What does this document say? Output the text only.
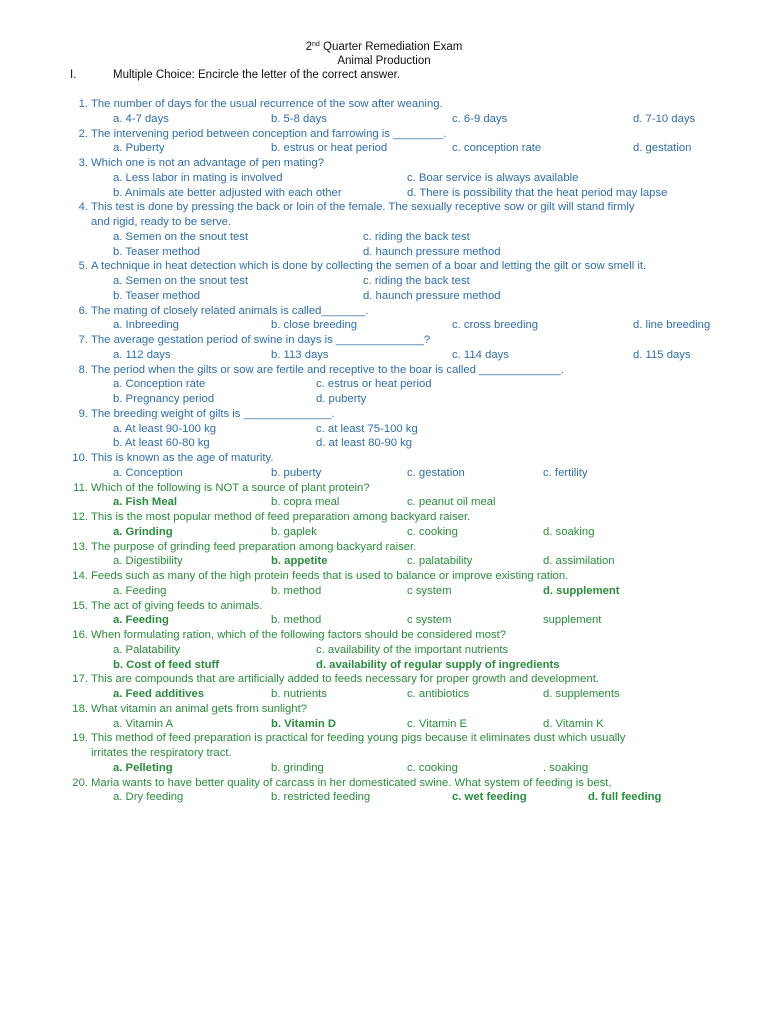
2nd Quarter Remediation Exam
Animal Production
I.	Multiple Choice: Encircle the letter of the correct answer.
1. The number of days for the usual recurrence of the sow after weaning.
a. 4-7 days	b. 5-8 days	c. 6-9 days	d. 7-10 days
2. The intervening period between conception and farrowing is ________.
a. Puberty	b. estrus or heat period	c. conception rate	d. gestation
3. Which one is not an advantage of pen mating?
a. Less labor in mating is involved	c. Boar service is always available
b. Animals ate better adjusted with each other	d. There is possibility that the heat period may lapse
4. This test is done by pressing the back or loin of the female. The sexually receptive sow or gilt will stand firmly
and rigid, ready to be serve.
a. Semen on the snout test	c. riding the back test
b. Teaser method	d. haunch pressure method
5. A technique in heat detection which is done by collecting the semen of a boar and letting the gilt or sow smell it.
a. Semen on the snout test	c. riding the back test
b. Teaser method	d. haunch pressure method
6. The mating of closely related animals is called_______.
a. Inbreeding	b. close breeding	c. cross breeding	d. line breeding
7. The average gestation period of swine in days is ______________?
a. 112 days	b. 113 days	c. 114 days	d. 115 days
8. The period when the gilts or sow are fertile and receptive to the boar is called _____________.
a. Conception rate	c. estrus or heat period
b. Pregnancy period	d. puberty
9. The breeding weight of gilts is ______________.
a. At least 90-100 kg	c. at least 75-100 kg
b. At least 60-80 kg	d. at least 80-90 kg
10. This is known as the age of maturity.
a. Conception	b. puberty	c. gestation	c. fertility
11. Which of the following is NOT a source of plant protein?
a. Fish Meal	b. copra meal	c. peanut oil meal
12. This is the most popular method of feed preparation among backyard raiser.
a. Grinding	b. gaplek	c. cooking	d. soaking
13. The purpose of grinding feed preparation among backyard raiser.
a. Digestibility	b. appetite	c. palatability	d. assimilation
14. Feeds such as many of the high protein feeds that is used to balance or improve existing ration.
a. Feeding	b. method	c system	d. supplement
15. The act of giving feeds to animals.
a. Feeding	b. method	c system	supplement
16. When formulating ration, which of the following factors should be considered most?
a. Palatability	c. availability of the important nutrients
b. Cost of feed stuff	d. availability of regular supply of ingredients
17. This are compounds that are artificially added to feeds necessary for proper growth and development.
a. Feed additives	b. nutrients	c. antibiotics	d. supplements
18. What vitamin an animal gets from sunlight?
a. Vitamin A	b. Vitamin D	c. Vitamin E	d. Vitamin K
19. This method of feed preparation is practical for feeding young pigs because it eliminates dust which usually
irritates the respiratory tract.
a. Pelleting	b. grinding	c. cooking	. soaking
20. Maria wants to have better quality of carcass in her domesticated swine. What system of feeding is best,
a. Dry feeding	b. restricted feeding	c. wet feeding	d. full feeding
